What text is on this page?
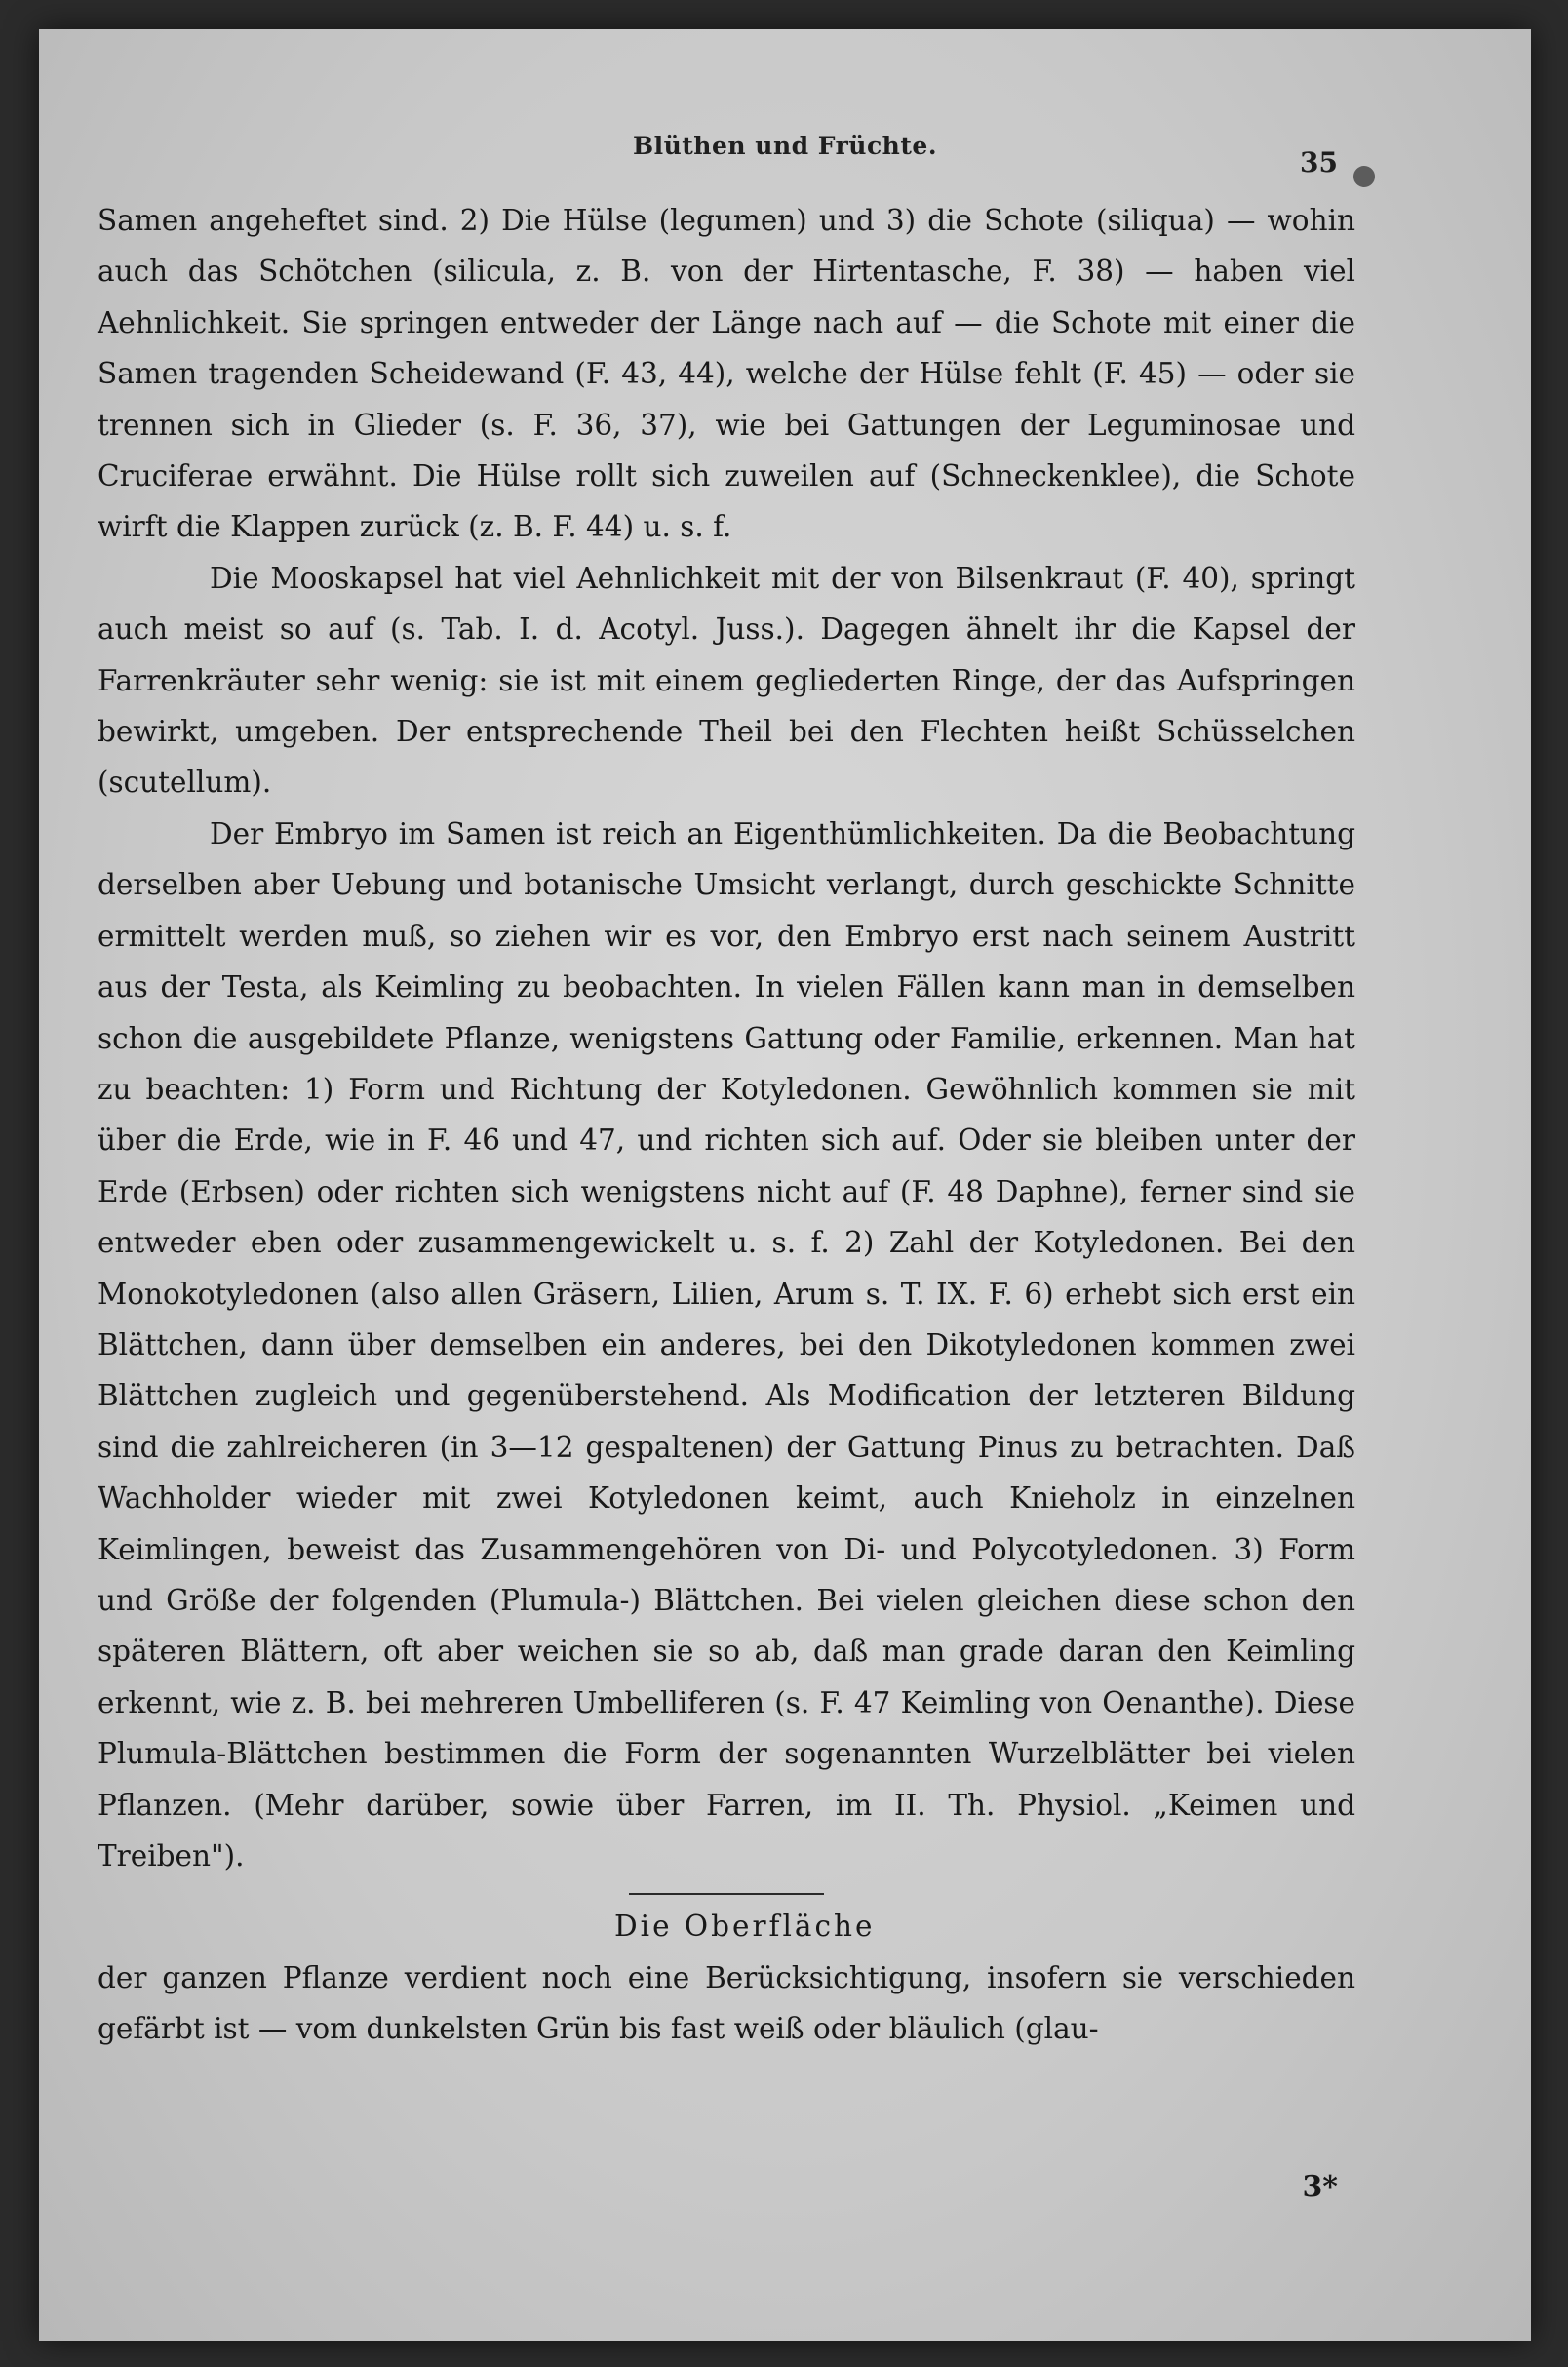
Blüthen und Früchte.
35

Samen angeheftet sind. 2) Die Hülse (legumen) und 3) die Schote (siliqua) — wohin auch das Schötchen (silicula, z. B. von der Hirtentasche, F. 38) — haben viel Aehnlichkeit. Sie springen entweder der Länge nach auf — die Schote mit einer die Samen tragenden Scheidewand (F. 43, 44), welche der Hülse fehlt (F. 45) — oder sie trennen sich in Glieder (s. F. 36, 37), wie bei Gattungen der Leguminosae und Cruciferae erwähnt. Die Hülse rollt sich zuweilen auf (Schneckenklee), die Schote wirft die Klappen zurück (z. B. F. 44) u. s. f.

Die Mooskapsel hat viel Aehnlichkeit mit der von Bilsenkraut (F. 40), springt auch meist so auf (s. Tab. I. d. Acotyl. Juss.). Dagegen ähnelt ihr die Kapsel der Farrenkräuter sehr wenig: sie ist mit einem gegliederten Ringe, der das Aufspringen bewirkt, umgeben. Der entsprechende Theil bei den Flechten heißt Schüsselchen (scutellum).

Der Embryo im Samen ist reich an Eigenthümlichkeiten. Da die Beobachtung derselben aber Uebung und botanische Umsicht verlangt, durch geschickte Schnitte ermittelt werden muß, so ziehen wir es vor, den Embryo erst nach seinem Austritt aus der Testa, als Keimling zu beobachten. In vielen Fällen kann man in demselben schon die ausgebildete Pflanze, wenigstens Gattung oder Familie, erkennen. Man hat zu beachten: 1) Form und Richtung der Kotyledonen. Gewöhnlich kommen sie mit über die Erde, wie in F. 46 und 47, und richten sich auf. Oder sie bleiben unter der Erde (Erbsen) oder richten sich wenigstens nicht auf (F. 48 Daphne), ferner sind sie entweder eben oder zusammengewickelt u. s. f. 2) Zahl der Kotyledonen. Bei den Monokotyledonen (also allen Gräsern, Lilien, Arum s. T. IX. F. 6) erhebt sich erst ein Blättchen, dann über demselben ein anderes, bei den Dikotyledonen kommen zwei Blättchen zugleich und gegenüberstehend. Als Modification der letzteren Bildung sind die zahlreicheren (in 3—12 gespaltenen) der Gattung Pinus zu betrachten. Daß Wachholder wieder mit zwei Kotyledonen keimt, auch Knieholz in einzelnen Keimlingen, beweist das Zusammengehören von Di- und Polycotyledonen. 3) Form und Größe der folgenden (Plumula-) Blättchen. Bei vielen gleichen diese schon den späteren Blättern, oft aber weichen sie so ab, daß man grade daran den Keimling erkennt, wie z. B. bei mehreren Umbelliferen (s. F. 47 Keimling von Oenanthe). Diese Plumula-Blättchen bestimmen die Form der sogenannten Wurzelblätter bei vielen Pflanzen. (Mehr darüber, sowie über Farren, im II. Th. Physiol. „Keimen und Treiben").

Die Oberfläche

der ganzen Pflanze verdient noch eine Berücksichtigung, insofern sie verschieden gefärbt ist — vom dunkelsten Grün bis fast weiß oder bläulich (glau-

3*
